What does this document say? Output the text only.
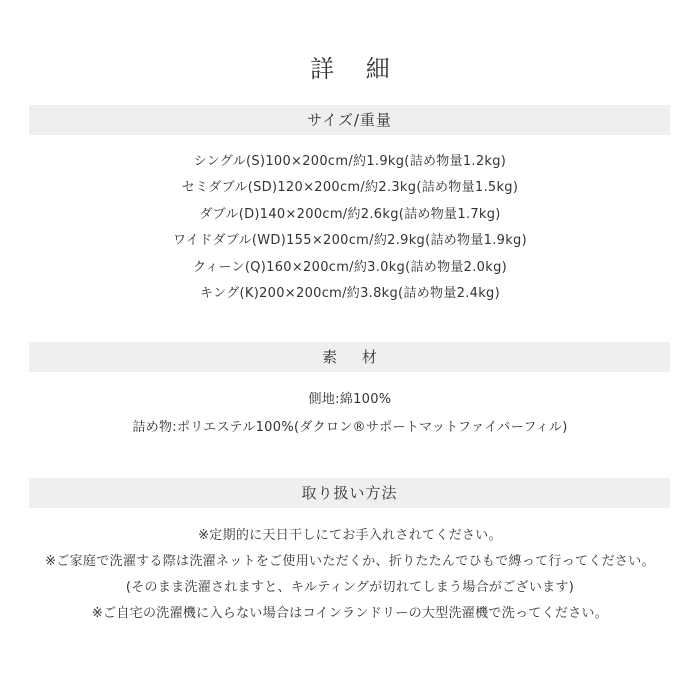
詳 細
サイズ/重量
シングル(S)100×200cm/約1.9kg(詰め物量1.2kg)
セミダブル(SD)120×200cm/約2.3kg(詰め物量1.5kg)
ダブル(D)140×200cm/約2.6kg(詰め物量1.7kg)
ワイドダブル(WD)155×200cm/約2.9kg(詰め物量1.9kg)
クィーン(Q)160×200cm/約3.0kg(詰め物量2.0kg)
キング(K)200×200cm/約3.8kg(詰め物量2.4kg)
素 材
側地:綿100%
詰め物:ポリエステル100%(ダクロン®サポートマットファイバーフィル)
取り扱い方法
※定期的に天日干しにてお手入れされてください。
※ご家庭で洗濯する際は洗濯ネットをご使用いただくか、折りたたんでひもで縛って行ってください。
(そのまま洗濯されますと、キルティングが切れてしまう場合がございます)
※ご自宅の洗濯機に入らない場合はコインランドリーの大型洗濯機で洗ってください。
